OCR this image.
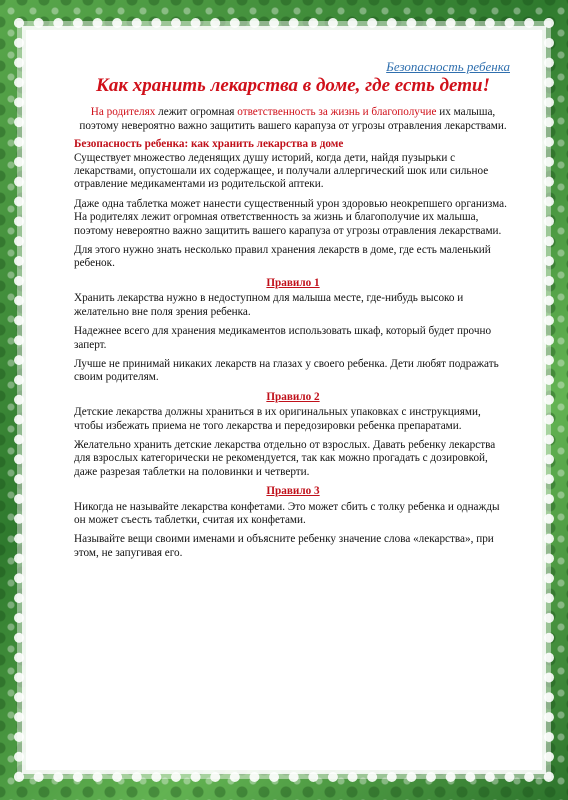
Безопасность ребенка
Как хранить лекарства в доме, где есть дети!

На родителях лежит огромная ответственность за жизнь и благополучие их малыша, поэтому невероятно важно защитить вашего карапуза от угрозы отравления лекарствами.

Безопасность ребенка: как хранить лекарства в доме

Существует множество леденящих душу историй, когда дети, найдя пузырьки с лекарствами, опустошали их содержащее, и получали аллергический шок или сильное отравление медикаментами из родительской аптеки.

Даже одна таблетка может нанести существенный урон здоровью неокрепшего организма. На родителях лежит огромная ответственность за жизнь и благополучие их малыша, поэтому невероятно важно защитить вашего карапуза от угрозы отравления лекарствами.

Для этого нужно знать несколько правил хранения лекарств в доме, где есть маленький ребенок.

Правило 1

Хранить лекарства нужно в недоступном для малыша месте, где-нибудь высоко и желательно вне поля зрения ребенка.

Надежнее всего для хранения медикаментов использовать шкаф, который будет прочно заперт.

Лучше не принимай никаких лекарств на глазах у своего ребенка. Дети любят подражать своим родителям.

Правило 2

Детские лекарства должны храниться в их оригинальных упаковках с инструкциями, чтобы избежать приема не того лекарства и передозировки ребенка препаратами.

Желательно хранить детские лекарства отдельно от взрослых. Давать ребенку лекарства для взрослых категорически не рекомендуется, так как можно прогадать с дозировкой, даже разрезая таблетки на половинки и четверти.

Правило 3

Никогда не называйте лекарства конфетами. Это может сбить с толку ребенка и однажды он может съесть таблетки, считая их конфетами.

Называйте вещи своими именами и объясните ребенку значение слова «лекарства», при этом, не запугивая его.
